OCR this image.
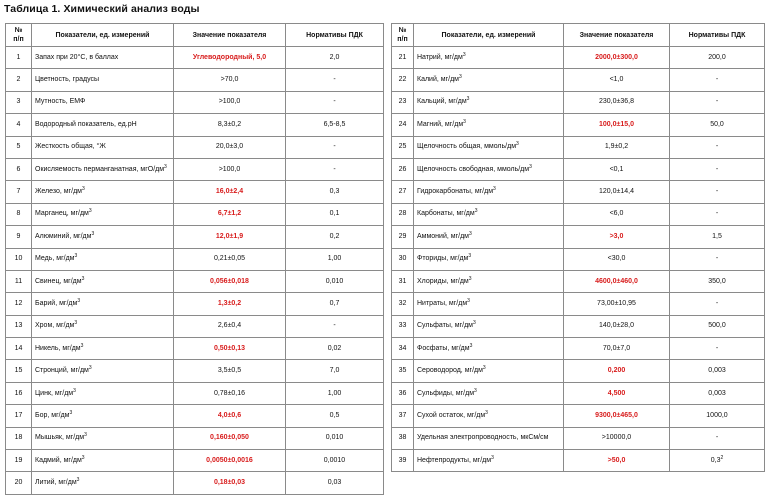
Таблица 1. Химический анализ воды
№
п/п	Показатели, ед. измерений	Значение показателя	Нормативы ПДК
1	Запах при 20°С, в баллах	Углеводородный, 5,0	2,0
2	Цветность, градусы	>70,0	-
3	Мутность, ЕМФ	>100,0	-
4	Водородный показатель, ед.pH	8,3±0,2	6,5-8,5
5	Жесткость общая, °Ж	20,0±3,0	-
6	Окисляемость перманганатная, мгО/$дм^3$	>100,0	-
7	Железо, $мг/дм^3$	16,0±2,4	0,3
8	Марганец, $мг/дм^3$	6,7±1,2	0,1
9	Алюминий, $мг/дм^3$	12,0±1,9	0,2
10	Медь, $мг/дм^3$	0,21±0,05	1,00
11	Свинец, $мг/дм^3$	0,056±0,018	0,010
12	Барий, $мг/дм^3$	1,3±0,2	0,7
13	Хром, $мг/дм^3$	2,6±0,4	-
14	Никель, $мг/дм^3$	0,50±0,13	0,02
15	Стронций, $мг/дм^3$	3,5±0,5	7,0
16	Цинк, $мг/дм^3$	0,78±0,16	1,00
17	Бор, $мг/дм^3$	4,0±0,6	0,5
18	Мышьяк, $мг/дм^3$	0,160±0,050	0,010
19	Кадмий, $мг/дм^3$	0,0050±0,0016	0,0010
20	Литий, $мг/дм^3$	0,18±0,03	0,03
№
п/п	Показатели, ед. измерений	Значение показателя	Нормативы ПДК
21	Натрий, $мг/дм^3$	2000,0±300,0	200,0
22	Калий, $мг/дм^3$	<1,0	-
23	Кальций, $мг/дм^3$	230,0±36,8	-
24	Магний, $мг/дм^3$	100,0±15,0	50,0
25	Щелочность общая, ммоль/$дм^3$	1,9±0,2	-
26	Щелочность свободная, ммоль/$дм^3$	<0,1	-
27	Гидрокарбонаты, $мг/дм^3$	120,0±14,4	-
28	Карбонаты, $мг/дм^3$	<6,0	-
29	Аммоний, $мг/дм^3$	>3,0	1,5
30	Фториды, $мг/дм^3$	<30,0	-
31	Хлориды, $мг/дм^3$	4600,0±460,0	350,0
32	Нитраты, $мг/дм^3$	73,00±10,95	-
33	Сульфаты, $мг/дм^3$	140,0±28,0	500,0
34	Фосфаты, $мг/дм^3$	70,0±7,0	-
35	Сероводород, $мг/дм^3$	0,200	0,003
36	Сульфиды, $мг/дм^3$	4,500	0,003
37	Сухой остаток, $мг/дм^3$	9300,0±465,0	1000,0
38	Удельная электропроводность, мкСм/см	>10000,0	-
39	Нефтепродукты, $мг/дм^3$	>50,0	$0,3^2$
